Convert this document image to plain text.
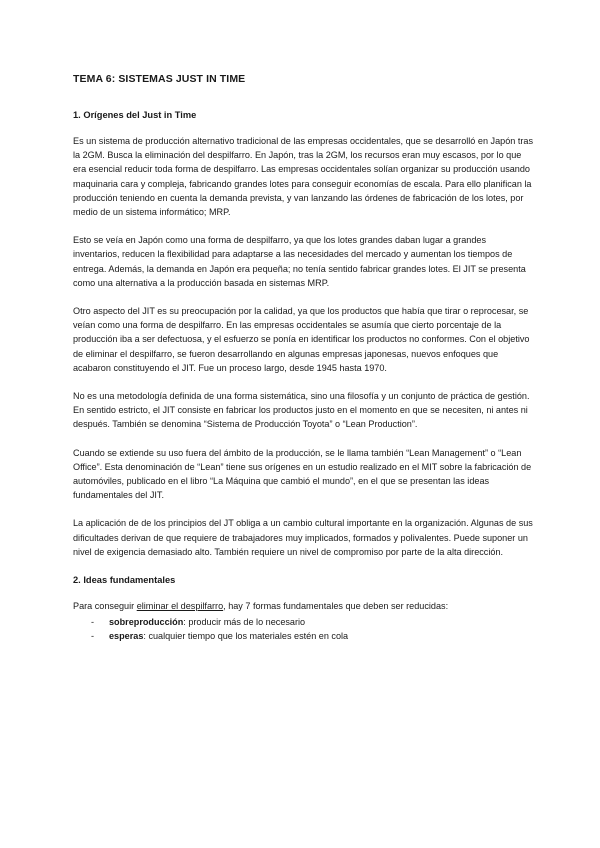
TEMA 6: SISTEMAS JUST IN TIME
1. Orígenes del Just in Time

Es un sistema de producción alternativo tradicional de las empresas occidentales, que se desarrolló en Japón tras la 2GM. Busca la eliminación del despilfarro. En Japón, tras la 2GM, los recursos eran muy escasos, por lo que era esencial reducir toda forma de despilfarro. Las empresas occidentales solían organizar su producción usando maquinaria cara y compleja, fabricando grandes lotes para conseguir economías de escala. Para ello planifican la producción teniendo en cuenta la demanda prevista, y van lanzando las órdenes de fabricación de los lotes, por medio de un sistema informático; MRP.

Esto se veía en Japón como una forma de despilfarro, ya que los lotes grandes daban lugar a grandes inventarios, reducen la flexibilidad para adaptarse a las necesidades del mercado y aumentan los tiempos de entrega. Además, la demanda en Japón era pequeña; no tenía sentido fabricar grandes lotes. El JIT se presenta como una alternativa a la producción basada en sistemas MRP.

Otro aspecto del JIT es su preocupación por la calidad, ya que los productos que había que tirar o reprocesar, se veían como una forma de despilfarro. En las empresas occidentales se asumía que cierto porcentaje de la producción iba a ser defectuosa, y el esfuerzo se ponía en identificar los productos no conformes. Con el objetivo de eliminar el despilfarro, se fueron desarrollando en algunas empresas japonesas, nuevos enfoques que acabaron constituyendo el JIT. Fue un proceso largo, desde 1945 hasta 1970.

No es una metodología definida de una forma sistemática, sino una filosofía y un conjunto de práctica de gestión. En sentido estricto, el JIT consiste en fabricar los productos justo en el momento en que se necesiten, ni antes ni después. También se denomina “Sistema de Producción Toyota” o “Lean Production”.

Cuando se extiende su uso fuera del ámbito de la producción, se le llama también “Lean Management” o “Lean Office”. Esta denominación de “Lean” tiene sus orígenes en un estudio realizado en el MIT sobre la fabricación de automóviles, publicado en el libro “La Máquina que cambió el mundo”, en el que se presentan las ideas fundamentales del JIT.

La aplicación de de los principios del JT obliga a un cambio cultural importante en la organización. Algunas de sus dificultades derivan de que requiere de trabajadores muy implicados, formados y polivalentes. Puede suponer un nivel de exigencia demasiado alto. También requiere un nivel de compromiso por parte de la alta dirección.

2. Ideas fundamentales

Para conseguir eliminar el despilfarro, hay 7 formas fundamentales que deben ser reducidas:

- sobreproducción: producir más de lo necesario
- esperas: cualquier tiempo que los materiales estén en cola
